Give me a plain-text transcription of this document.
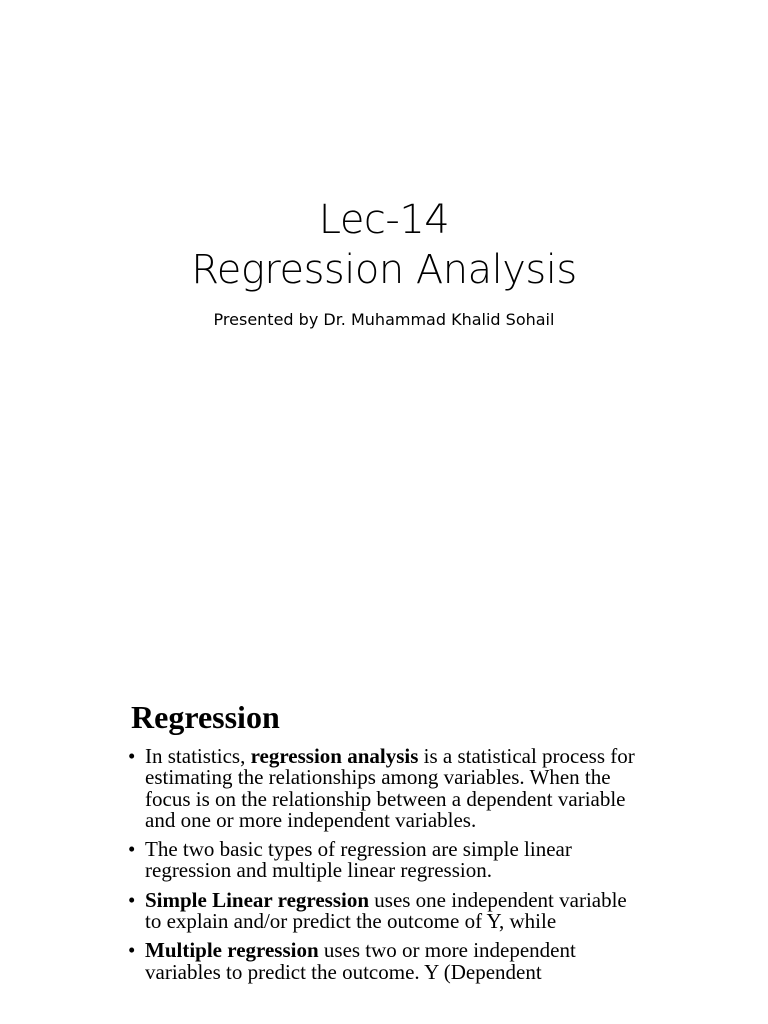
Lec-14
Regression Analysis
Presented by Dr. Muhammad Khalid Sohail
Regression
• In statistics, regression analysis is a statistical process for estimating the relationships among variables. When the focus is on the relationship between a dependent variable and one or more independent variables.
• The two basic types of regression are simple linear regression and multiple linear regression.
• Simple Linear regression uses one independent variable to explain and/or predict the outcome of Y, while
• Multiple regression uses two or more independent variables to predict the outcome. Y (Dependent
